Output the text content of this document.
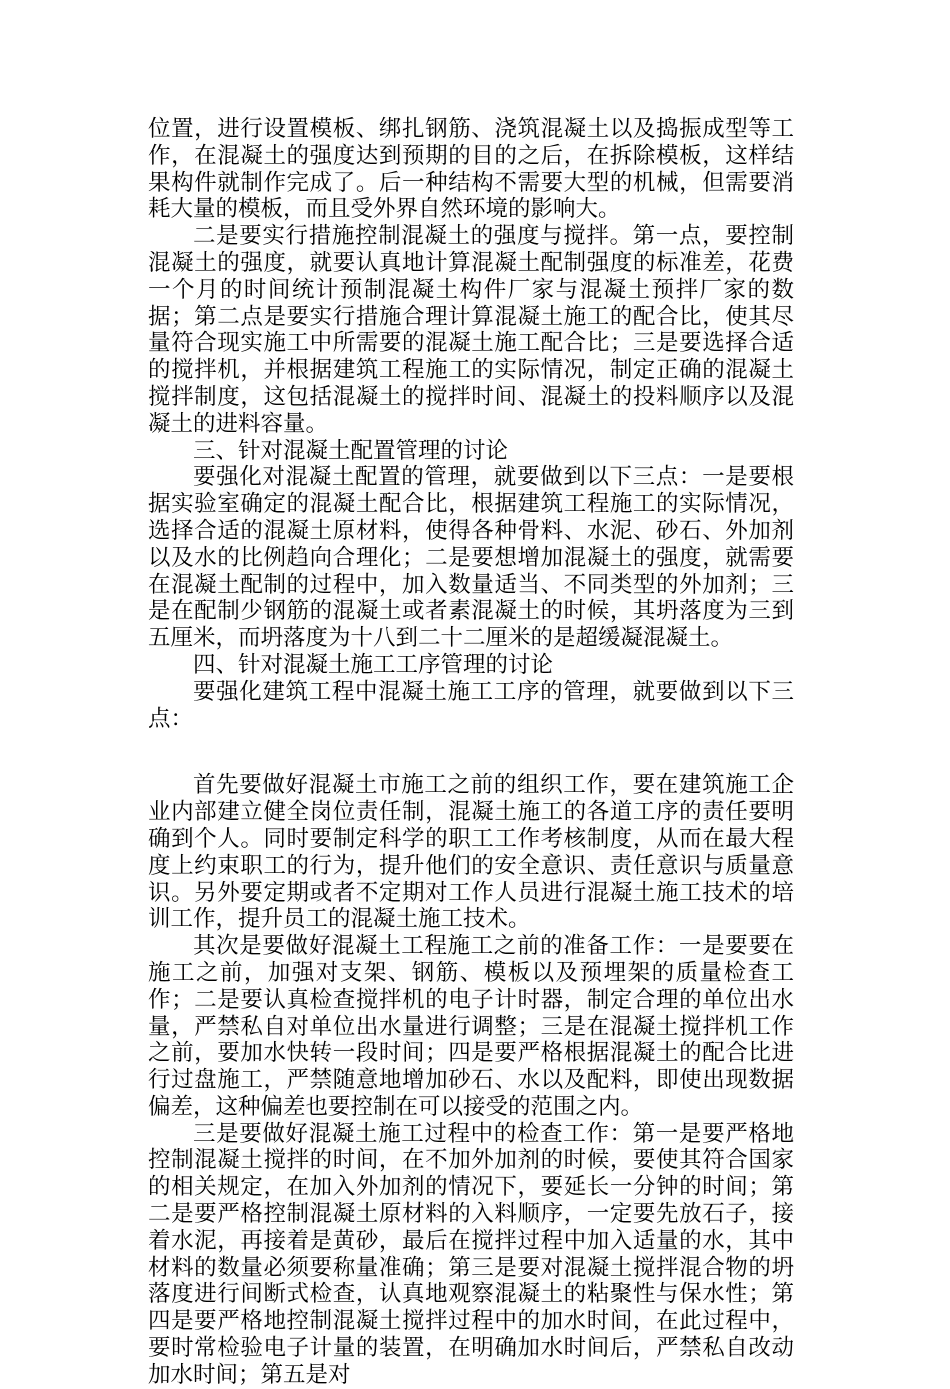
位置，进行设置模板、绑扎钢筋、浇筑混凝土以及捣振成型等工作，在混凝土的强度达到预期的目的之后，在拆除模板，这样结果构件就制作完成了。后一种结构不需要大型的机械，但需要消耗大量的模板，而且受外界自然环境的影响大。

二是要实行措施控制混凝土的强度与搅拌。第一点，要控制混凝土的强度，就要认真地计算混凝土配制强度的标准差，花费一个月的时间统计预制混凝土构件厂家与混凝土预拌厂家的数据；第二点是要实行措施合理计算混凝土施工的配合比，使其尽量符合现实施工中所需要的混凝土施工配合比；三是要选择合适的搅拌机，并根据建筑工程施工的实际情况，制定正确的混凝土搅拌制度，这包括混凝土的搅拌时间、混凝土的投料顺序以及混凝土的进料容量。

三、针对混凝土配置管理的讨论

要强化对混凝土配置的管理，就要做到以下三点：一是要根据实验室确定的混凝土配合比，根据建筑工程施工的实际情况，选择合适的混凝土原材料，使得各种骨料、水泥、砂石、外加剂以及水的比例趋向合理化；二是要想增加混凝土的强度，就需要在混凝土配制的过程中，加入数量适当、不同类型的外加剂；三是在配制少钢筋的混凝土或者素混凝土的时候，其坍落度为三到五厘米，而坍落度为十八到二十二厘米的是超缓凝混凝土。

四、针对混凝土施工工序管理的讨论

要强化建筑工程中混凝土施工工序的管理，就要做到以下三点：

首先要做好混凝土市施工之前的组织工作，要在建筑施工企业内部建立健全岗位责任制，混凝土施工的各道工序的责任要明确到个人。同时要制定科学的职工工作考核制度，从而在最大程度上约束职工的行为，提升他们的安全意识、责任意识与质量意识。另外要定期或者不定期对工作人员进行混凝土施工技术的培训工作，提升员工的混凝土施工技术。

其次是要做好混凝土工程施工之前的准备工作：一是要要在施工之前，加强对支架、钢筋、模板以及预埋架的质量检查工作；二是要认真检查搅拌机的电子计时器，制定合理的单位出水量，严禁私自对单位出水量进行调整；三是在混凝土搅拌机工作之前，要加水快转一段时间；四是要严格根据混凝土的配合比进行过盘施工，严禁随意地增加砂石、水以及配料，即使出现数据偏差，这种偏差也要控制在可以接受的范围之内。

三是要做好混凝土施工过程中的检查工作：第一是要严格地控制混凝土搅拌的时间，在不加外加剂的时候，要使其符合国家的相关规定，在加入外加剂的情况下，要延长一分钟的时间；第二是要严格控制混凝土原材料的入料顺序，一定要先放石子，接着水泥，再接着是黄砂，最后在搅拌过程中加入适量的水，其中材料的数量必须要称量准确；第三是要对混凝土搅拌混合物的坍落度进行间断式检查，认真地观察混凝土的粘聚性与保水性；第四是要严格地控制混凝土搅拌过程中的加水时间，在此过程中，要时常检验电子计量的装置，在明确加水时间后，严禁私自改动加水时间；第五是对
